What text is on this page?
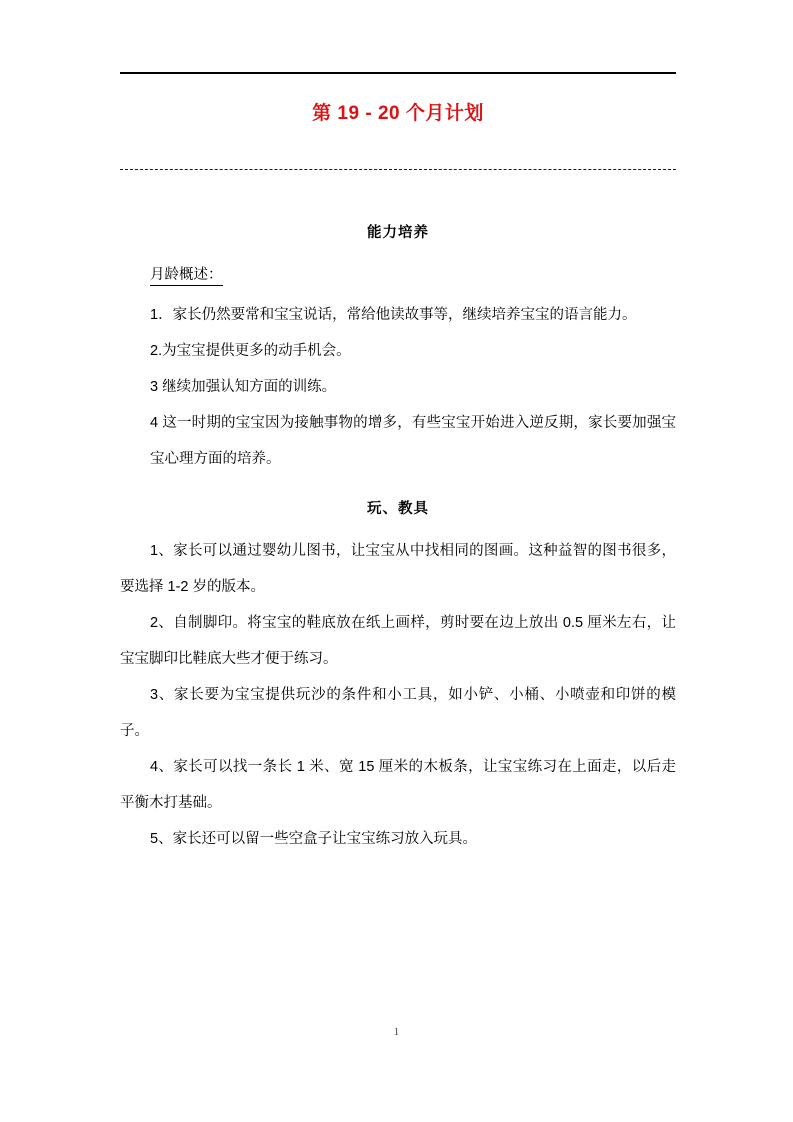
第 19 - 20 个月计划
能力培养
月龄概述：

1．家长仍然要常和宝宝说话，常给他读故事等，继续培养宝宝的语言能力。

2.为宝宝提供更多的动手机会。

3 继续加强认知方面的训练。

4 这一时期的宝宝因为接触事物的增多，有些宝宝开始进入逆反期，家长要加强宝宝心理方面的培养。

玩、教具

1、家长可以通过婴幼儿图书，让宝宝从中找相同的图画。这种益智的图书很多，要选择 1-2 岁的版本。

2、自制脚印。将宝宝的鞋底放在纸上画样，剪时要在边上放出 0.5 厘米左右，让宝宝脚印比鞋底大些才便于练习。

3、家长要为宝宝提供玩沙的条件和小工具，如小铲、小桶、小喷壶和印饼的模子。

4、家长可以找一条长 1 米、宽 15 厘米的木板条，让宝宝练习在上面走，以后走平衡木打基础。

5、家长还可以留一些空盒子让宝宝练习放入玩具。

1
